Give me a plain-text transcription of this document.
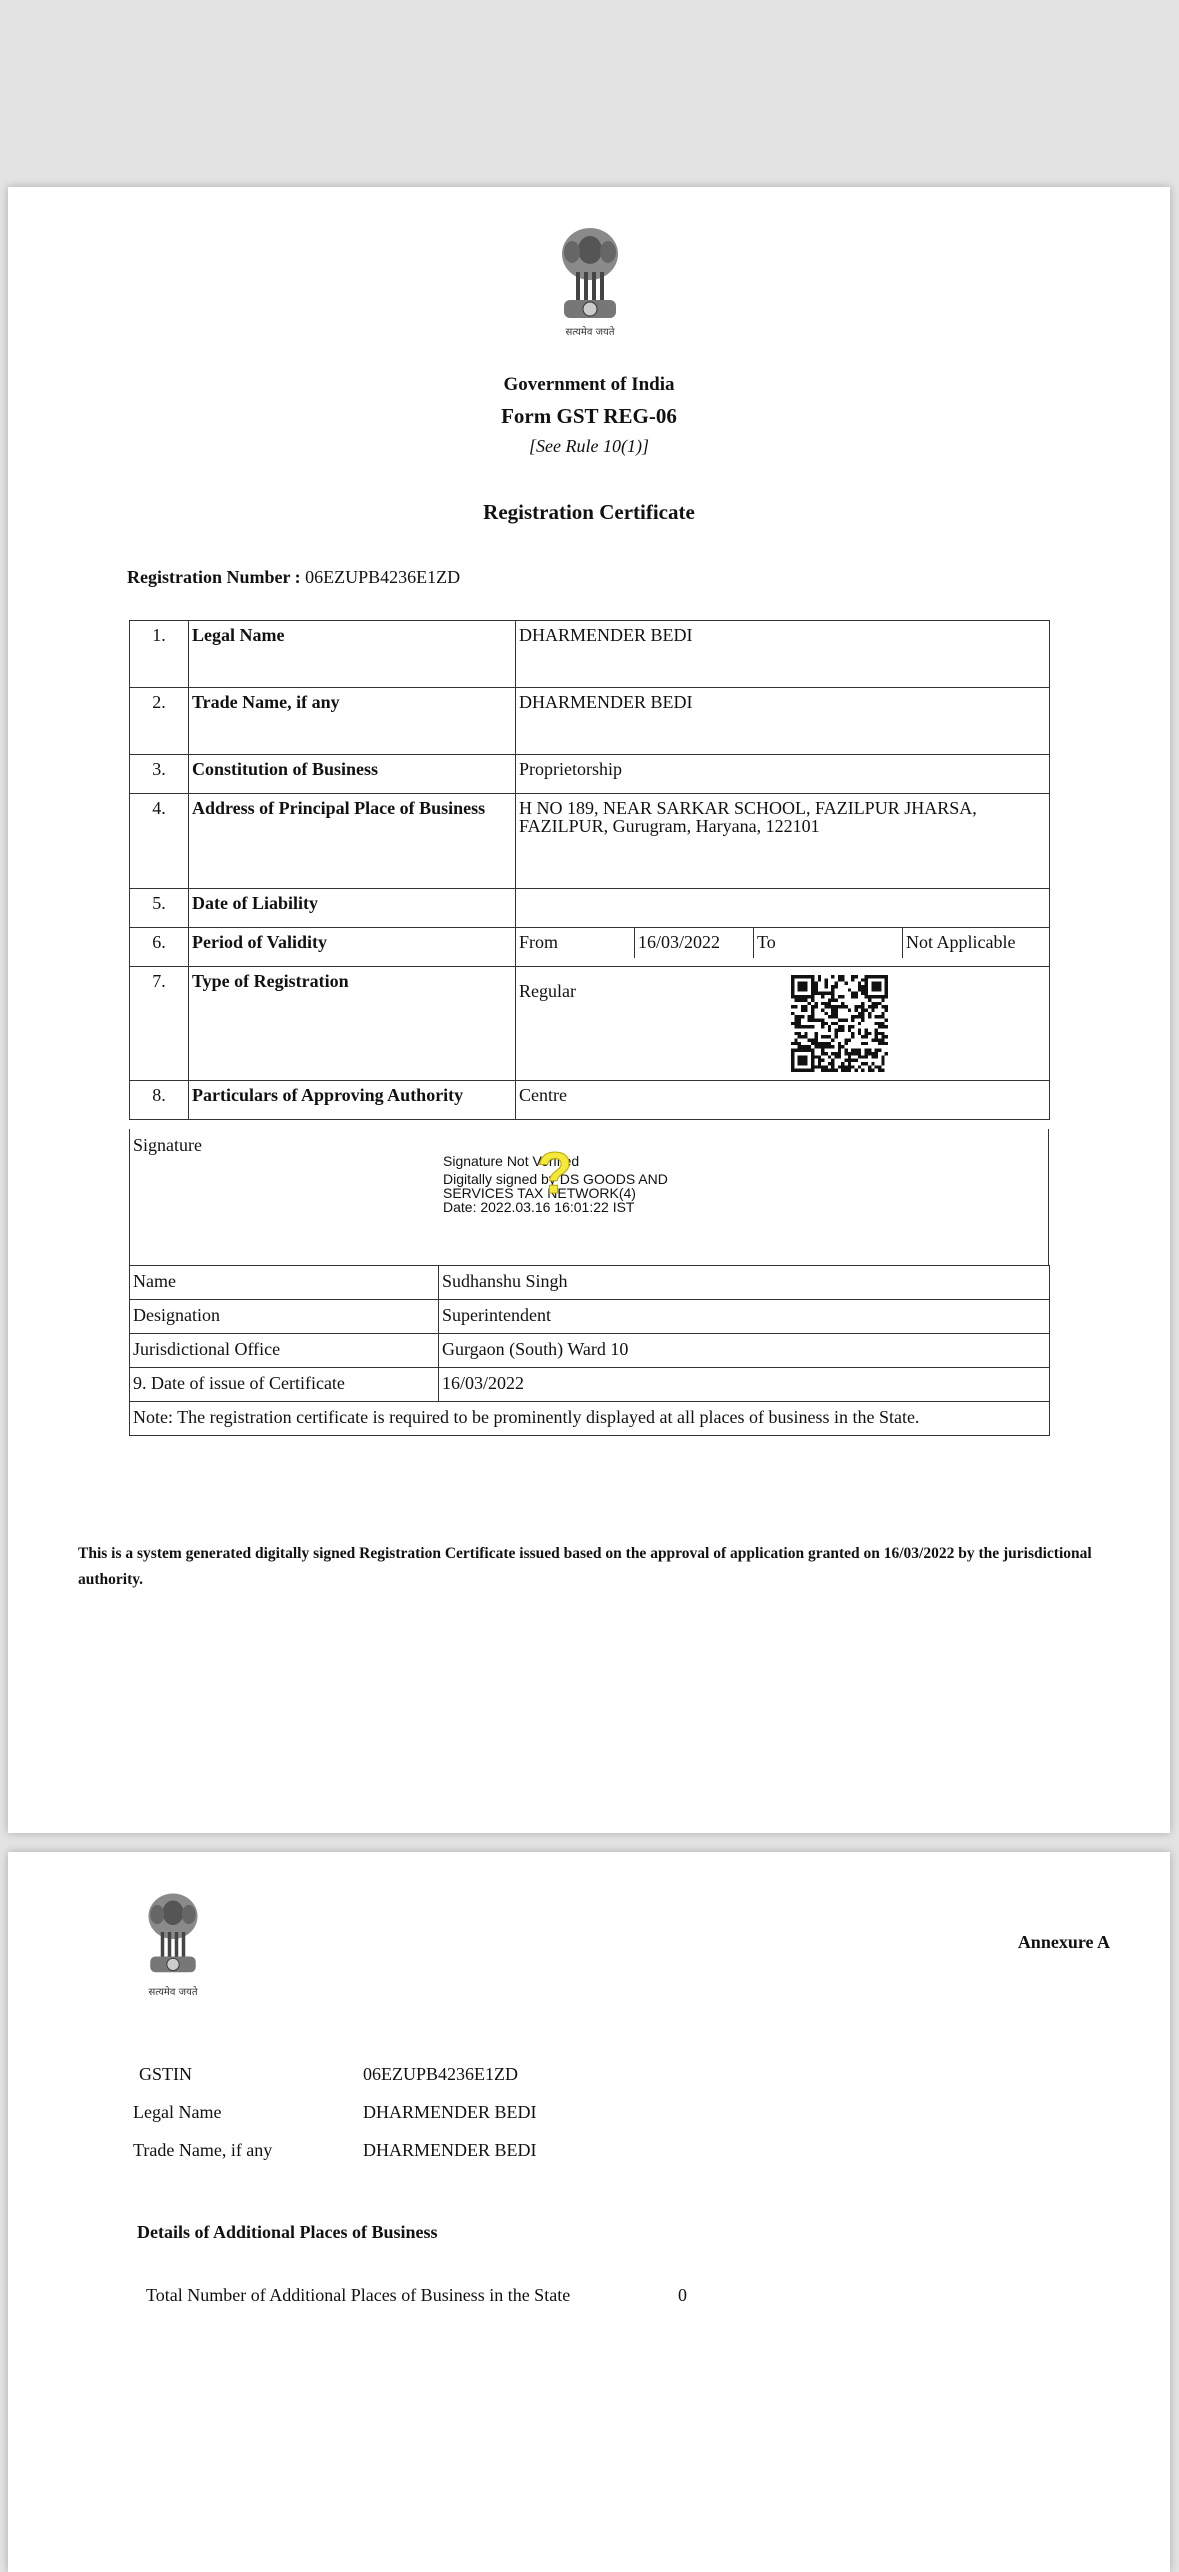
सत्यमेव जयते
Government of India
Form GST REG-06
[See Rule 10(1)]
Registration Certificate
Registration Number : 06EZUPB4236E1ZD
1.	Legal Name	DHARMENDER BEDI
2.	Trade Name, if any	DHARMENDER BEDI
3.	Constitution of Business	Proprietorship
4.	Address of Principal Place of Business	H NO 189, NEAR SARKAR SCHOOL, FAZILPUR JHARSA, FAZILPUR, Gurugram, Haryana, 122101
5.	Date of Liability	
6.	Period of Validity	From 16/03/2022 To Not Applicable

7.	Type of Registration	Regular

8.	Particulars of Approving Authority	Centre
Signature
Signature Not Verified
Digitally signed by DS GOODS AND
SERVICES TAX NETWORK(4)
Date: 2022.03.16 16:01:22 IST
?
Name	Sudhanshu Singh
Designation	Superintendent
Jurisdictional Office	Gurgaon (South) Ward 10
9. Date of issue of Certificate	16/03/2022
Note: The registration certificate is required to be prominently displayed at all places of business in the State.	
This is a system generated digitally signed Registration Certificate issued based on the approval of application granted on 16/03/2022 by the jurisdictional authority.
सत्यमेव जयते
Annexure A
GSTIN	06EZUPB4236E1ZD
Legal Name	DHARMENDER BEDI
Trade Name, if any	DHARMENDER BEDI
Details of Additional Places of Business
Total Number of Additional Places of Business in the State	0
